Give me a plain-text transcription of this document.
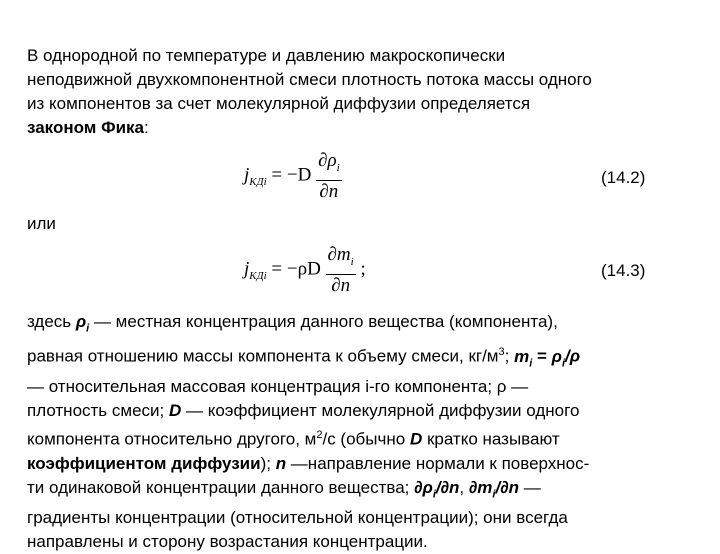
В однородной по температуре и давлению макроскопически
неподвижной двухкомпонентной смеси плотность потока массы одного
из компонентов за счет молекулярной диффузии определяется
законом Фика:
$j_{КДi} = -D \frac{\partial\rho_i}{\partial n}$	(14.2)
или
$j_{КДi} = -\rho D \frac{\partial m_i}{\partial n}$ ;	(14.3)
здесь $\rho_i$ — местная концентрация данного вещества (компонента),
равная отношению массы компонента к объему смеси, $кг/м^3$; $m_i = \rho_i/\rho$
— относительная массовая концентрация i-го компонента; ρ —
плотность смеси; D — коэффициент молекулярной диффузии одного
компонента относительно другого, $м^2/с$ (обычно D кратко называют
коэффициентом диффузии); n —направление нормали к поверхнос-
ти одинаковой концентрации данного вещества; $\partial\rho_i/\partial n$, $\partial m_i/\partial n$ —
градиенты концентрации (относительной концентрации); они всегда
направлены и сторону возрастания концентрации.
